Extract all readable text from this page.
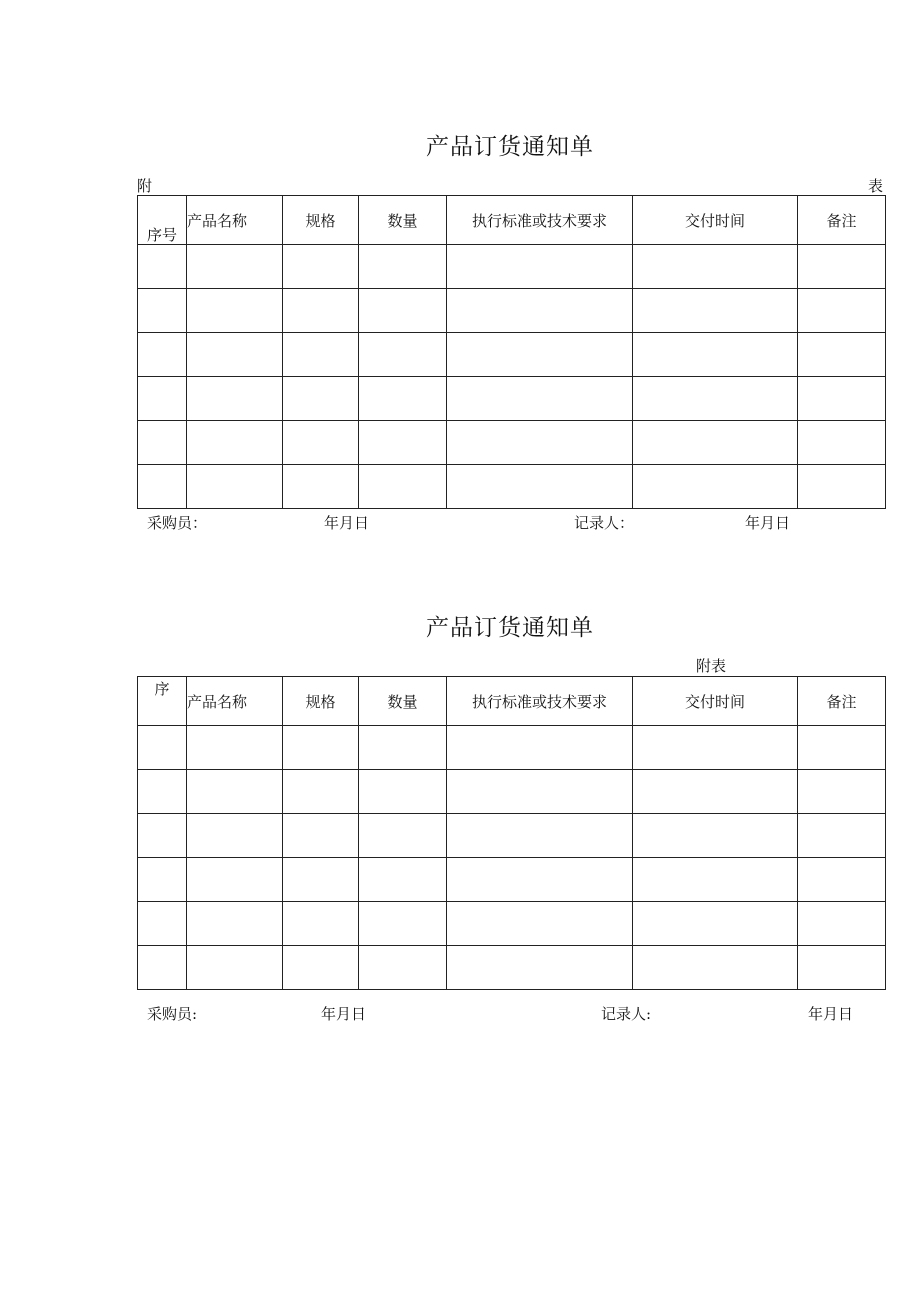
产品订货通知单
附	表
序号	产品名称	规格	数量	执行标准或技术要求	交付时间	备注

采购员：	年月日	记录人：	年月日
产品订货通知单
附表
序	产品名称	规格	数量	执行标准或技术要求	交付时间	备注

采购员:	年月日	记录人:	年月日
